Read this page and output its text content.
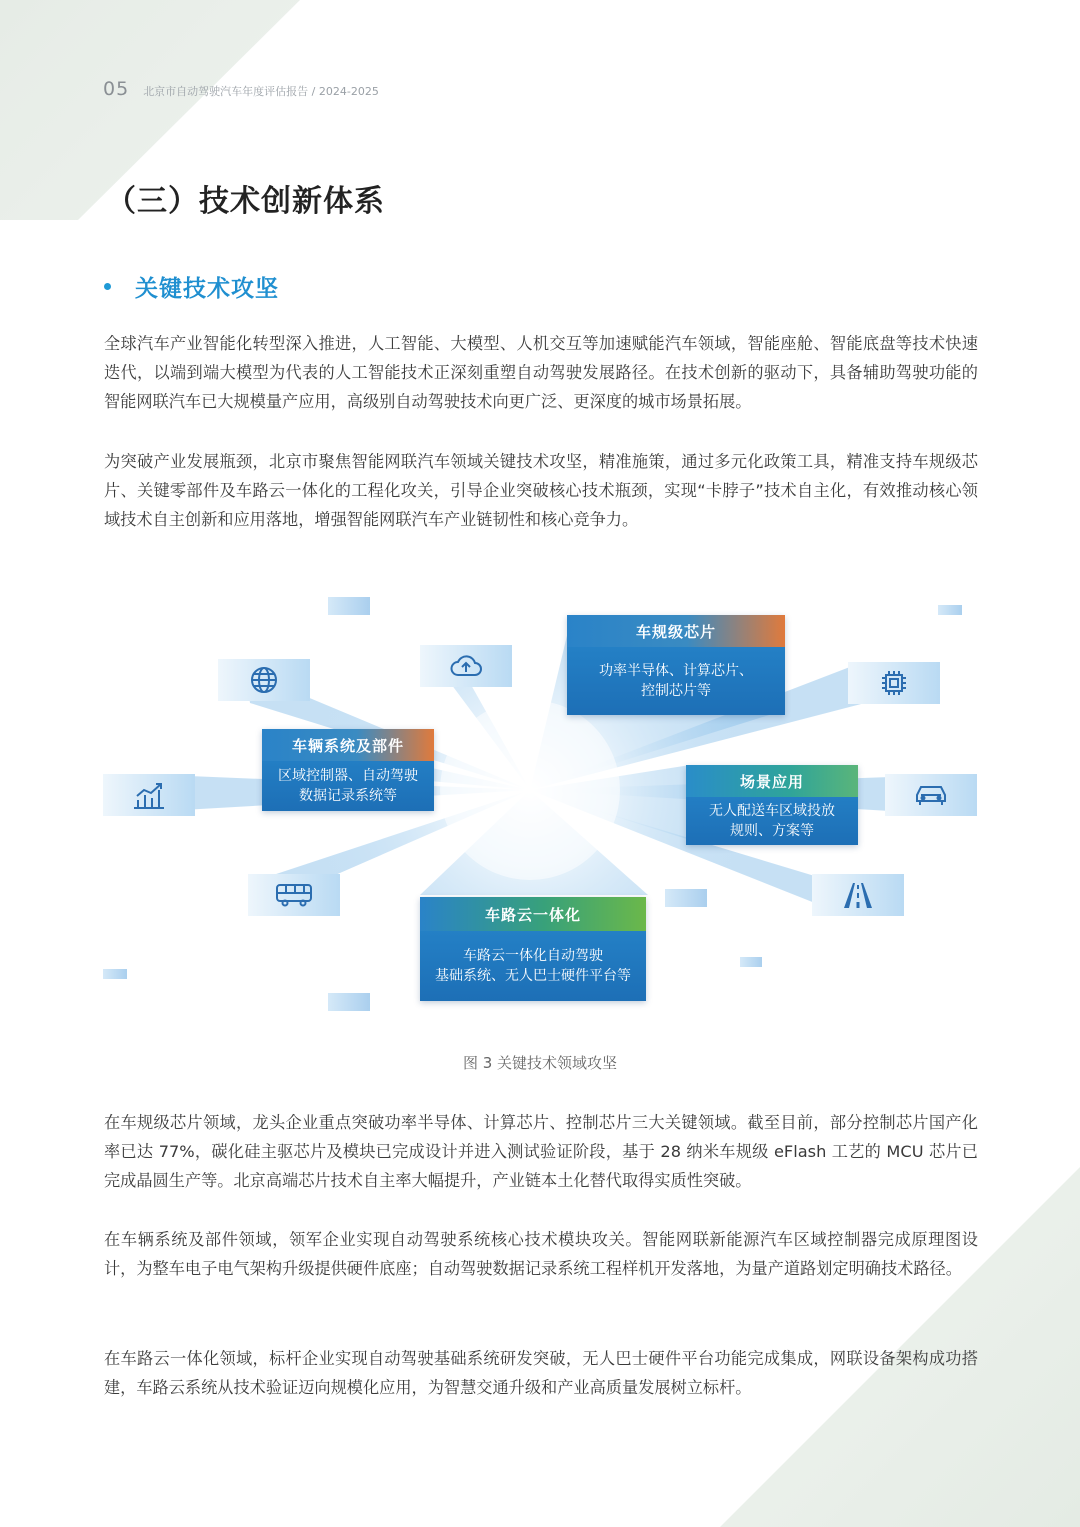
05 北京市自动驾驶汽车年度评估报告 / 2024-2025
（三）技术创新体系
关键技术攻坚

全球汽车产业智能化转型深入推进，人工智能、大模型、人机交互等加速赋能汽车领域，智能座舱、智能底盘等技术快速迭代，以端到端大模型为代表的人工智能技术正深刻重塑自动驾驶发展路径。在技术创新的驱动下，具备辅助驾驶功能的智能网联汽车已大规模量产应用，高级别自动驾驶技术向更广泛、更深度的城市场景拓展。

为突破产业发展瓶颈，北京市聚焦智能网联汽车领域关键技术攻坚，精准施策，通过多元化政策工具，精准支持车规级芯片、关键零部件及车路云一体化的工程化攻关，引导企业突破核心技术瓶颈，实现“卡脖子”技术自主化，有效推动核心领域技术自主创新和应用落地，增强智能网联汽车产业链韧性和核心竞争力。

车规级芯片
功率半导体、计算芯片、
控制芯片等
车辆系统及部件
区域控制器、自动驾驶
数据记录系统等
场景应用
无人配送车区域投放
规则、方案等
车路云一体化
车路云一体化自动驾驶
基础系统、无人巴士硬件平台等
图 3 关键技术领域攻坚

在车规级芯片领域，龙头企业重点突破功率半导体、计算芯片、控制芯片三大关键领域。截至目前，部分控制芯片国产化率已达 77%，碳化硅主驱芯片及模块已完成设计并进入测试验证阶段，基于 28 纳米车规级 eFlash 工艺的 MCU 芯片已完成晶圆生产等。北京高端芯片技术自主率大幅提升，产业链本土化替代取得实质性突破。

在车辆系统及部件领域，领军企业实现自动驾驶系统核心技术模块攻关。智能网联新能源汽车区域控制器完成原理图设计，为整车电子电气架构升级提供硬件底座；自动驾驶数据记录系统工程样机开发落地，为量产道路划定明确技术路径。

在车路云一体化领域，标杆企业实现自动驾驶基础系统研发突破，无人巴士硬件平台功能完成集成，网联设备架构成功搭建，车路云系统从技术验证迈向规模化应用，为智慧交通升级和产业高质量发展树立标杆。
